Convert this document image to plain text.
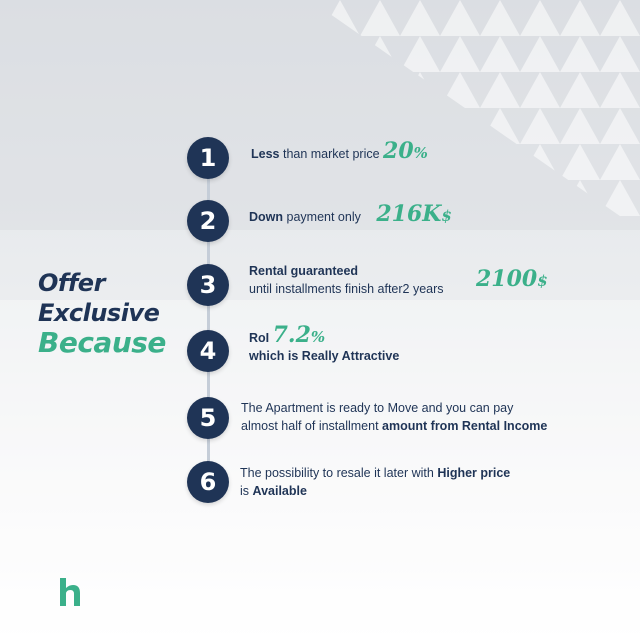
Offer
Exclusive
Because
1	Less than market price 20%
2	Down payment only 216K$
3	Rental guaranteed
until installments finish after2 years 2100$
4	RoI 7.2%
which is Really Attractive
5	The Apartment is ready to Move and you can pay
almost half of installment amount from Rental Income
6	The possibility to resale it later with Higher price
is Available
